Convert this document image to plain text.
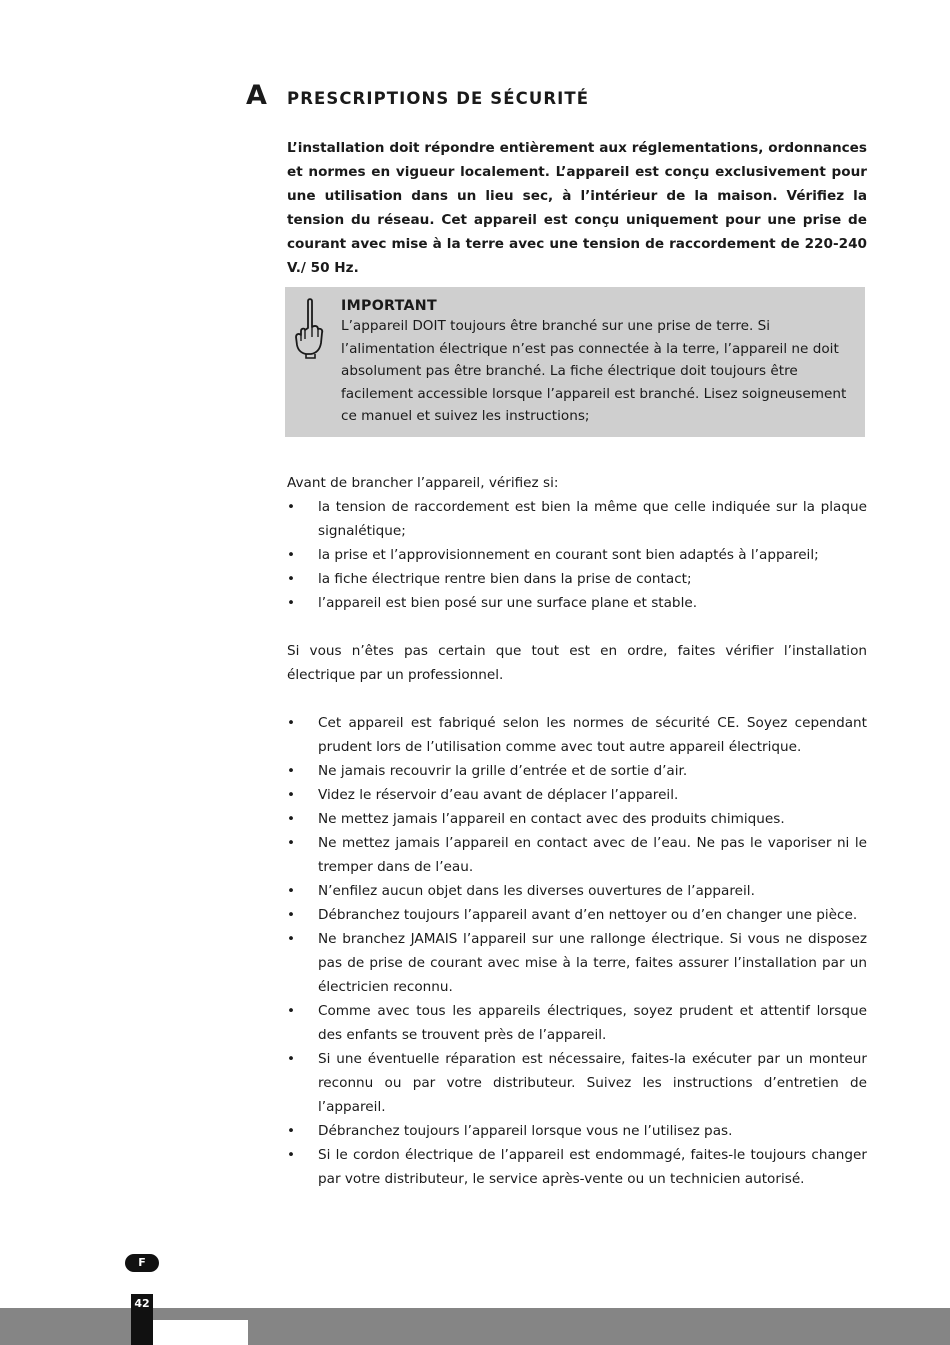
A PRESCRIPTIONS DE SÉCURITÉ

L’installation doit répondre entièrement aux réglementations, ordonnances et normes en vigueur localement. L’appareil est conçu exclusivement pour une utilisation dans un lieu sec, à l’intérieur de la maison. Vérifiez la tension du réseau. Cet appareil est conçu uniquement pour une prise de courant avec mise à la terre avec une tension de raccordement de 220-240 V./ 50 Hz.

IMPORTANT

L’appareil DOIT toujours être branché sur une prise de terre. Si l’alimentation électrique n’est pas connectée à la terre, l’appareil ne doit absolument pas être branché. La fiche électrique doit toujours être facilement accessible lorsque l’appareil est branché. Lisez soigneusement ce manuel et suivez les instructions;

Avant de brancher l’appareil, vérifiez si:

• la tension de raccordement est bien la même que celle indiquée sur la plaque signalétique;
• la prise et l’approvisionnement en courant sont bien adaptés à l’appareil;
• la fiche électrique rentre bien dans la prise de contact;
• l’appareil est bien posé sur une surface plane et stable.

Si vous n’êtes pas certain que tout est en ordre, faites vérifier l’installation électrique par un professionnel.

• Cet appareil est fabriqué selon les normes de sécurité CE. Soyez cependant prudent lors de l’utilisation comme avec tout autre appareil électrique.
• Ne jamais recouvrir la grille d’entrée et de sortie d’air.
• Videz le réservoir d’eau avant de déplacer l’appareil.
• Ne mettez jamais l’appareil en contact avec des produits chimiques.
• Ne mettez jamais l’appareil en contact avec de l’eau. Ne pas le vaporiser ni le tremper dans de l’eau.
• N’enfilez aucun objet dans les diverses ouvertures de l’appareil.
• Débranchez toujours l’appareil avant d’en nettoyer ou d’en changer une pièce.
• Ne branchez JAMAIS l’appareil sur une rallonge électrique. Si vous ne disposez pas de prise de courant avec mise à la terre, faites assurer l’installation par un électricien reconnu.
• Comme avec tous les appareils électriques, soyez prudent et attentif lorsque des enfants se trouvent près de l’appareil.
• Si une éventuelle réparation est nécessaire, faites-la exécuter par un monteur reconnu ou par votre distributeur. Suivez les instructions d’entretien de l’appareil.
• Débranchez toujours l’appareil lorsque vous ne l’utilisez pas.
• Si le cordon électrique de l’appareil est endommagé, faites-le toujours changer par votre distributeur, le service après-vente ou un technicien autorisé.
F
42
